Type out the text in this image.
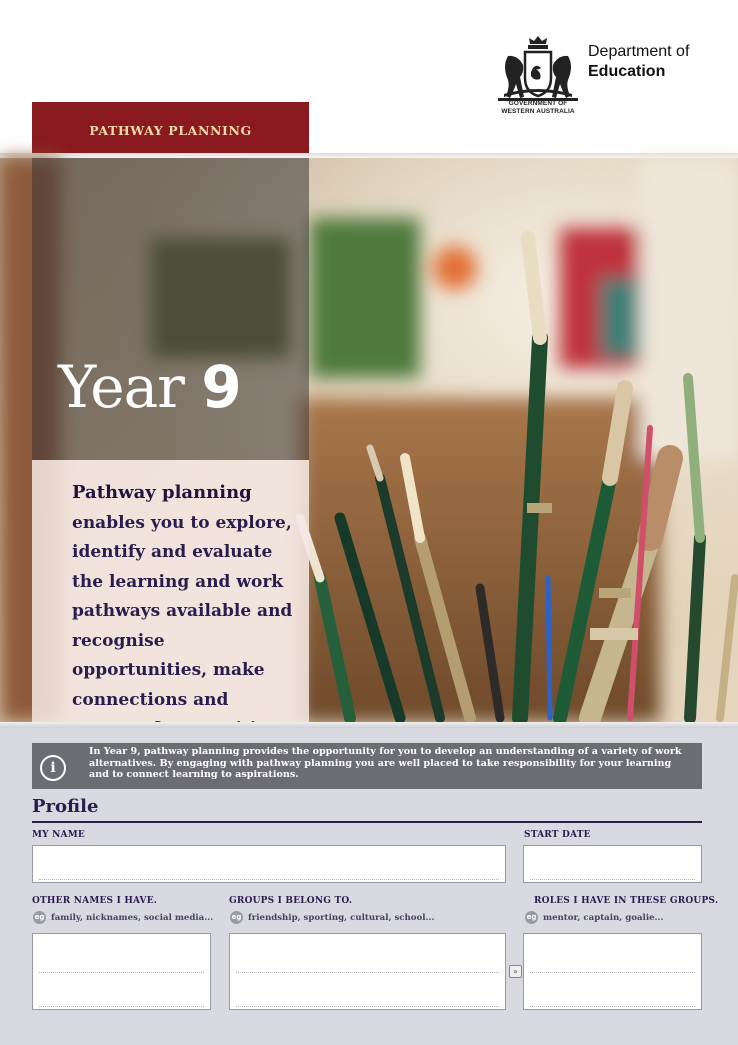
GOVERNMENT OF
WESTERN AUSTRALIA
Department of
Education
PATHWAY PLANNING
Year 9
Pathway planning
enables you to explore, identify and evaluate the learning and work pathways available and recognise opportunities, make connections and
i
In Year 9, pathway planning provides the opportunity for you to develop an understanding of a variety of work alternatives. By engaging with pathway planning you are well placed to take responsibility for your learning and to connect learning to aspirations.
Profile
MY NAME	START DATE
OTHER NAMES I HAVE.	GROUPS I BELONG TO.	ROLES I HAVE IN THESE GROUPS.
eg family, nicknames, social media...	eg friendship, sporting, cultural, school...	eg mentor, captain, goalie...
»
